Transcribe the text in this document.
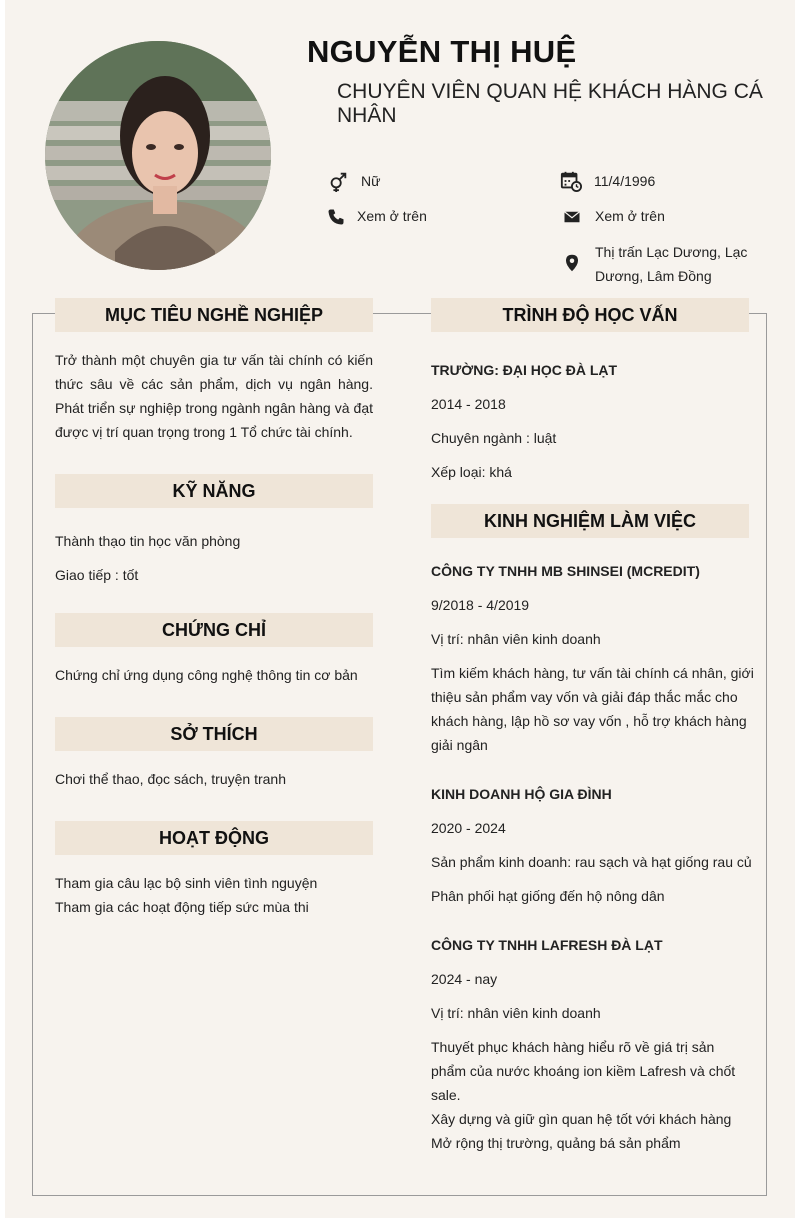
NGUYỄN THỊ HUỆ
CHUYÊN VIÊN QUAN HỆ KHÁCH HÀNG CÁ NHÂN
Nữ	11/4/1996
Xem ở trên	Xem ở trên
Thị trấn Lạc Dương, Lạc
Dương, Lâm Đồng
MỤC TIÊU NGHỀ NGHIỆP
Trở thành một chuyên gia tư vấn tài chính có kiến
thức sâu về các sản phẩm, dịch vụ ngân hàng.
Phát triển sự nghiệp trong ngành ngân hàng và đạt
được vị trí quan trọng trong 1 Tổ chức tài chính.
KỸ NĂNG
Thành thạo tin học văn phòng
Giao tiếp : tốt
CHỨNG CHỈ
Chứng chỉ ứng dụng công nghệ thông tin cơ bản
SỞ THÍCH
Chơi thể thao, đọc sách, truyện tranh
HOẠT ĐỘNG
Tham gia câu lạc bộ sinh viên tình nguyện
Tham gia các hoạt động tiếp sức mùa thi
TRÌNH ĐỘ HỌC VẤN
TRƯỜNG: ĐẠI HỌC ĐÀ LẠT
2014 - 2018
Chuyên ngành : luật
Xếp loại: khá
KINH NGHIỆM LÀM VIỆC
CÔNG TY TNHH MB SHINSEI (MCREDIT)
9/2018 - 4/2019
Vị trí: nhân viên kinh doanh
Tìm kiếm khách hàng, tư vấn tài chính cá nhân, giới
thiệu sản phẩm vay vốn và giải đáp thắc mắc cho
khách hàng, lập hồ sơ vay vốn , hỗ trợ khách hàng
giải ngân
KINH DOANH HỘ GIA ĐÌNH
2020 - 2024
Sản phẩm kinh doanh: rau sạch và hạt giống rau củ
Phân phối hạt giống đến hộ nông dân
CÔNG TY TNHH LAFRESH ĐÀ LẠT
2024 - nay
Vị trí: nhân viên kinh doanh
Thuyết phục khách hàng hiểu rõ về giá trị sản
phẩm của nước khoáng ion kiềm Lafresh và chốt
sale.
Xây dựng và giữ gìn quan hệ tốt với khách hàng
Mở rộng thị trường, quảng bá sản phẩm
